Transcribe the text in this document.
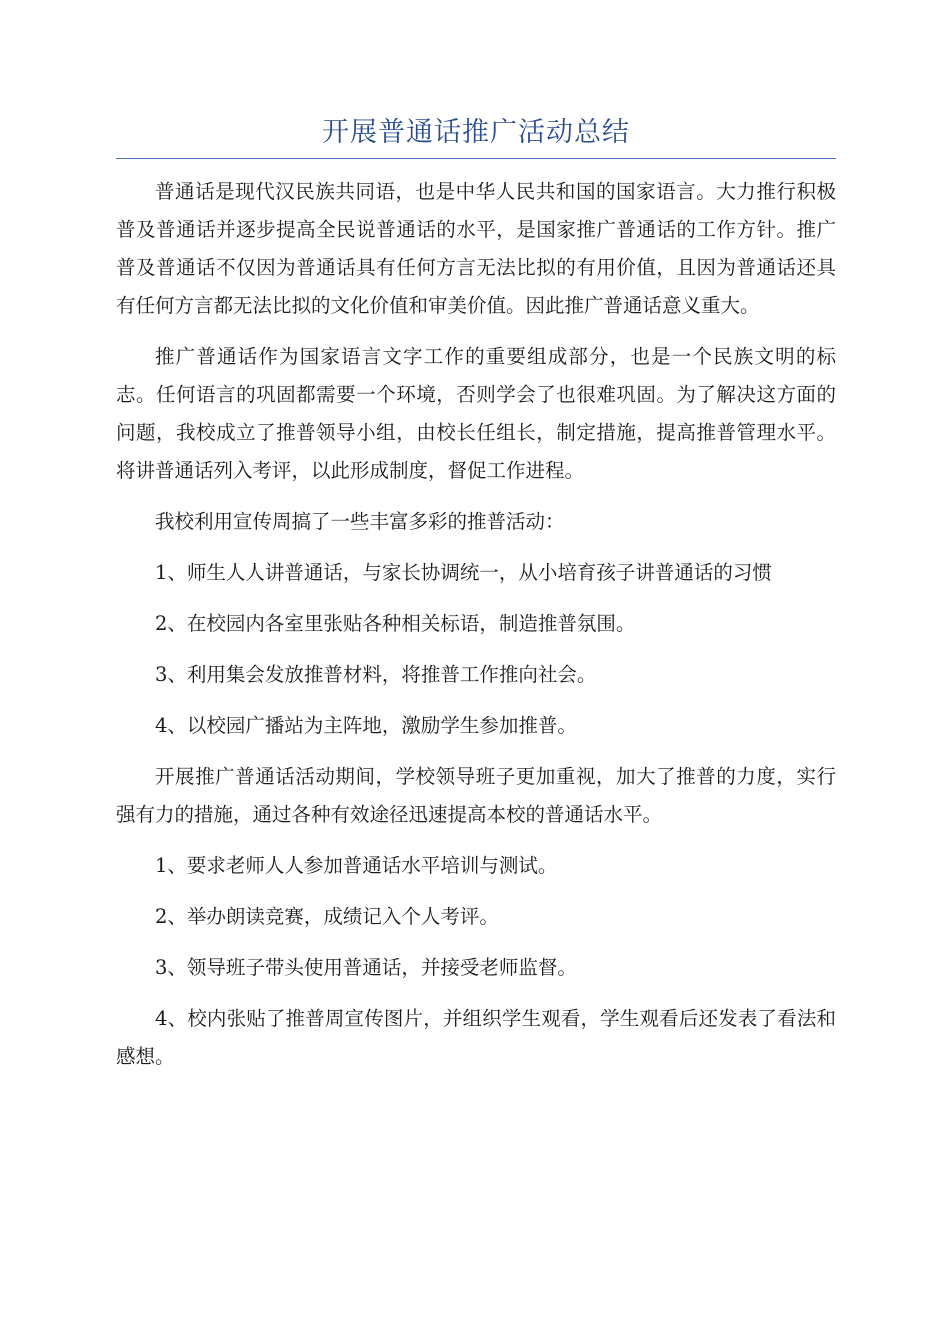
开展普通话推广活动总结

普通话是现代汉民族共同语，也是中华人民共和国的国家语言。大力推行积极普及普通话并逐步提高全民说普通话的水平，是国家推广普通话的工作方针。推广普及普通话不仅因为普通话具有任何方言无法比拟的有用价值，且因为普通话还具有任何方言都无法比拟的文化价值和审美价值。因此推广普通话意义重大。

推广普通话作为国家语言文字工作的重要组成部分，也是一个民族文明的标志。任何语言的巩固都需要一个环境，否则学会了也很难巩固。为了解决这方面的问题，我校成立了推普领导小组，由校长任组长，制定措施，提高推普管理水平。将讲普通话列入考评，以此形成制度，督促工作进程。

我校利用宣传周搞了一些丰富多彩的推普活动：

1、师生人人讲普通话，与家长协调统一，从小培育孩子讲普通话的习惯

2、在校园内各室里张贴各种相关标语，制造推普氛围。

3、利用集会发放推普材料，将推普工作推向社会。

4、以校园广播站为主阵地，激励学生参加推普。

开展推广普通话活动期间，学校领导班子更加重视，加大了推普的力度，实行强有力的措施，通过各种有效途径迅速提高本校的普通话水平。

1、要求老师人人参加普通话水平培训与测试。

2、举办朗读竞赛，成绩记入个人考评。

3、领导班子带头使用普通话，并接受老师监督。

4、校内张贴了推普周宣传图片，并组织学生观看，学生观看后还发表了看法和感想。
